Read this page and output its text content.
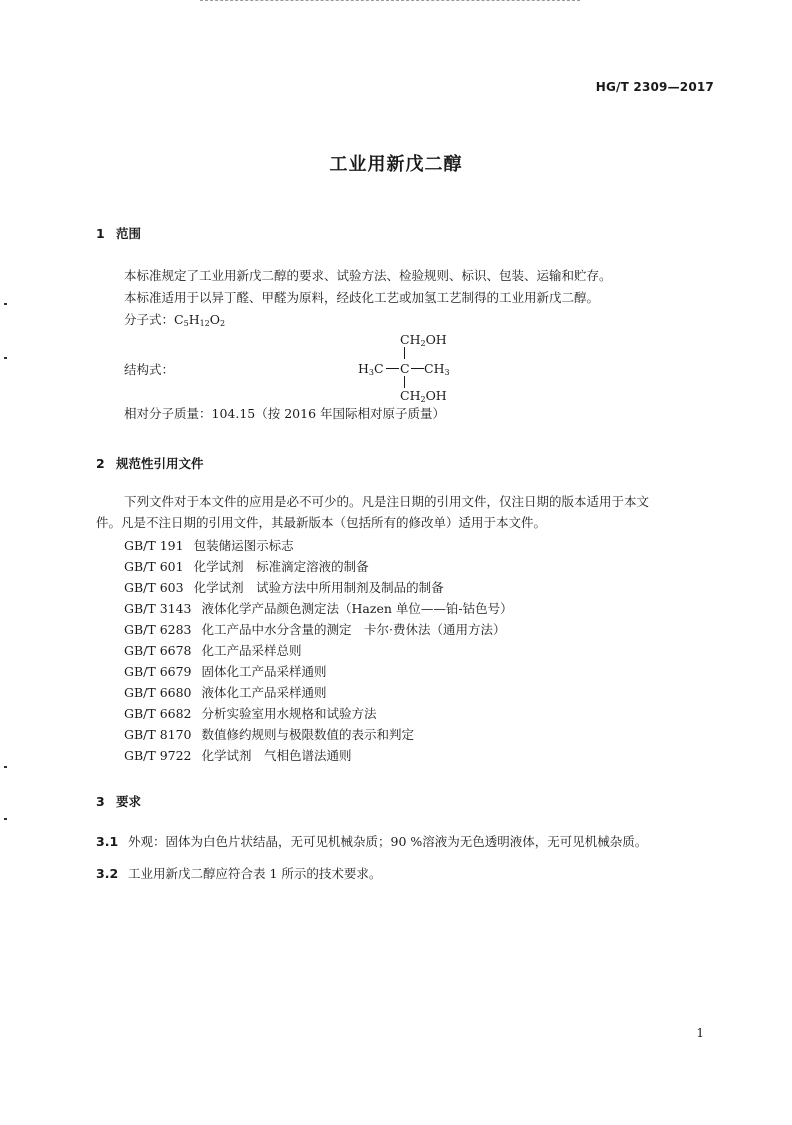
HG/T 2309—2017
工业用新戊二醇
1 范围
本标准规定了工业用新戊二醇的要求、试验方法、检验规则、标识、包装、运输和贮存。
本标准适用于以异丁醛、甲醛为原料，经歧化工艺或加氢工艺制得的工业用新戊二醇。
分子式：$C_5H_{12}O_2$
结构式：
$CH_2OH$
$H_3C$ C $CH_3$
$CH_2OH$
相对分子质量：104.15（按 2016 年国际相对原子质量）
2 规范性引用文件
下列文件对于本文件的应用是必不可少的。凡是注日期的引用文件，仅注日期的版本适用于本文
件。凡是不注日期的引用文件，其最新版本（包括所有的修改单）适用于本文件。
GB/T 191 包装储运图示标志
GB/T 601 化学试剂　标准滴定溶液的制备
GB/T 603 化学试剂　试验方法中所用制剂及制品的制备
GB/T 3143 液体化学产品颜色测定法（Hazen 单位——铂-钴色号）
GB/T 6283 化工产品中水分含量的测定　卡尔·费休法（通用方法）
GB/T 6678 化工产品采样总则
GB/T 6679 固体化工产品采样通则
GB/T 6680 液体化工产品采样通则
GB/T 6682 分析实验室用水规格和试验方法
GB/T 8170 数值修约规则与极限数值的表示和判定
GB/T 9722 化学试剂　气相色谱法通则
3 要求
3.1 外观：固体为白色片状结晶，无可见机械杂质；90 %溶液为无色透明液体，无可见机械杂质。
3.2 工业用新戊二醇应符合表 1 所示的技术要求。
1
